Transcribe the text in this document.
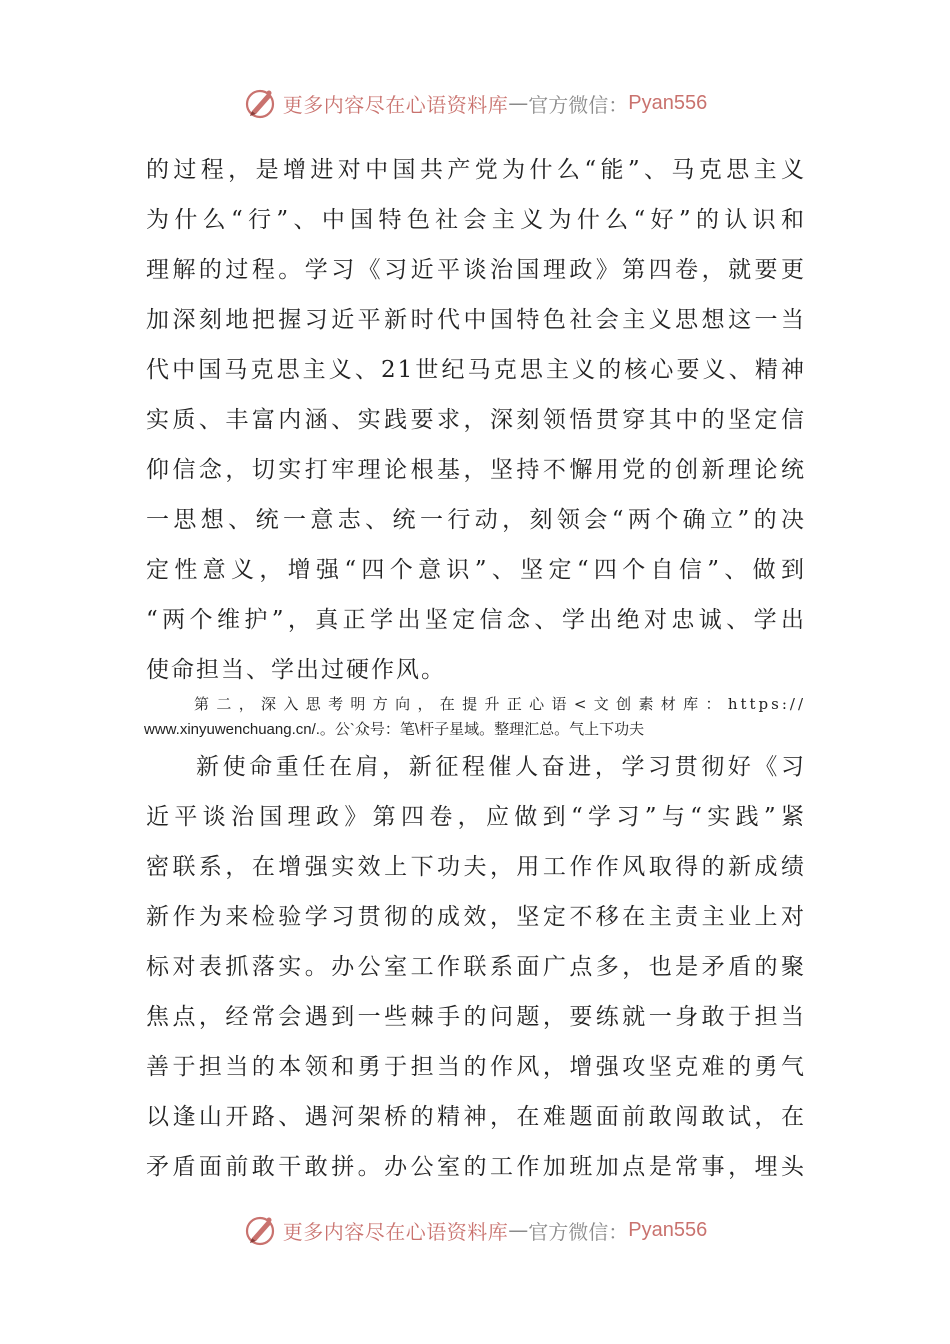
更多内容尽在心语资料库 — 官方微信： Pyan556
的过程，是增进对中国共产党为什么“能”、马克思主义
为什么“行”、中国特色社会主义为什么“好”的认识和
理解的过程。学习《习近平谈治国理政》第四卷，就要更
加深刻地把握习近平新时代中国特色社会主义思想这一当
代中国马克思主义、21世纪马克思主义的核心要义、精神
实质、丰富内涵、实践要求，深刻领悟贯穿其中的坚定信
仰信念，切实打牢理论根基，坚持不懈用党的创新理论统
一思想、统一意志、统一行动，刻领会“两个确立”的决
定性意义，增强“四个意识”、坚定“四个自信”、做到
“两个维护”，真正学出坚定信念、学出绝对忠诚、学出
使命担当、学出过硬作风。
第二，深入思考明方向，在提升正心语<文创素材库：https://
www.xinyuwenchuang.cn/.。公`众号：笔\杆子星域。整理汇总。气上下功夫
新使命重任在肩，新征程催人奋进，学习贯彻好《习
近平谈治国理政》第四卷，应做到“学习”与“实践”紧
密联系，在增强实效上下功夫，用工作作风取得的新成绩
新作为来检验学习贯彻的成效，坚定不移在主责主业上对
标对表抓落实。办公室工作联系面广点多，也是矛盾的聚
焦点，经常会遇到一些棘手的问题，要练就一身敢于担当
善于担当的本领和勇于担当的作风，增强攻坚克难的勇气
以逢山开路、遇河架桥的精神，在难题面前敢闯敢试，在
矛盾面前敢干敢拼。办公室的工作加班加点是常事，埋头
更多内容尽在心语资料库 — 官方微信： Pyan556
